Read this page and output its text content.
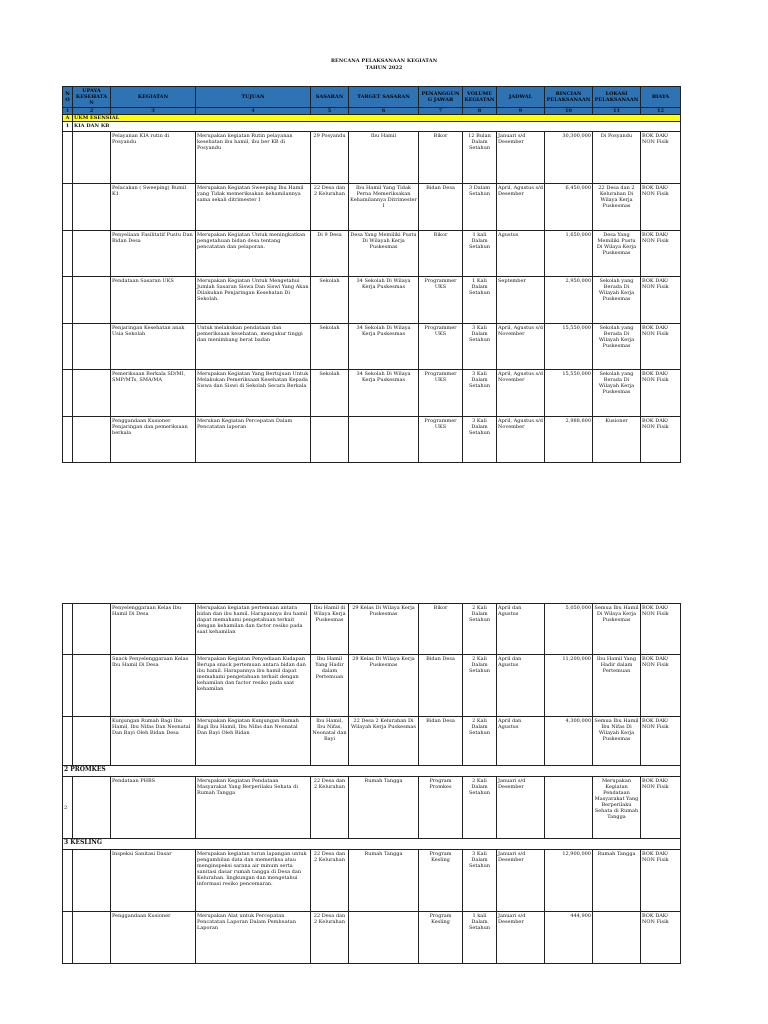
RENCANA PELAKSANAAN KEGIATAN
TAHUN 2022
NO	UPAYA KESEHATAN	KEGIATAN	TUJUAN	SASARAN	TARGET SASARAN	PENANGGUNG JAWAB	VOLUME KEGIATAN	JADWAL	RINCIAN PELAKSANAAN	LOKASI PELAKSANAAN	BIAYA
1	2	3	4	5	6	7	8	9	10	11	12
A	UKM ESENSIAL										
1	KIA DAN KB										
		Pelayanan KIA rutin di Posyandu	Merupakan kegiatan Rutin pelayanan kesehatan ibu hamil, ibu ber KB di Posyandu	29 Posyandu	Ibu Hamil	Bikor	12 Bulan Dalam Setahun	Januari s/d Desember	30,300,000	Di Posyandu	BOK DAK/ NON Fisik
		Pelacakan ( Sweeping) Bumil K1	Merupakan Kegiatan Sweeping Ibu Hamil yang Tidak memeriksakan kehamilannya sama sekali ditrimester I	22 Desa dan 2 Kelurahan	Ibu Hamil Yang Tidak Perna Memeriksakan Kehamilannya Ditrimester I	Bidan Desa	3 Dalam Setahun	April, Agustus s/d Desember	6,450,000	22 Desa dan 2 Kelurahan Di Wilaya Kerja Puskesmas	BOK DAK/ NON Fisik
		Penyeliaan Fasilitatif Pustu Dan Bidan Desa	Merupakan Kegiatan Untuk meningkatkan pengetahuan bidan desa tentang pencatatan dan pelaporan.	Di 9 Desa	Desa Yang Memiliki Pustu Di Wilayah Kerja Puskesmas	Bikor	1 kali Dalam Setahun	Agustus	1,650,000	Desa Yang Memiliki Pustu Di Wilaya Kerja Puskesmas	BOK DAK/ NON Fisik
		Pendataan Sasaran UKS	Merupakan Kegiatan Untuk Mengetahui Jumlah Sasaran Siswa Dan Siswi Yang Akan Dilakukan Penjaringan Kesehatan Di Sekolah.	Sekolah	34 Sekolah Di Wilaya Kerja Puskesmas	Programmer UKS	1 Kali Dalam Setahun	September	2,950,000	Sekolah yang Berada Di Wilayah Kerja Puskesmas	BOK DAK/ NON Fisik
		Penjaringan Kesehatan anak Usia Sekolah	Untuk melakukan pendataan dan pemeriksaan kesehatan, mengukur tinggi dan menimbang berat badan	Sekolah	34 Sekolah Di Wilaya Kerja Puskesmas	Programmer UKS	3 Kali Dalam Setahun	April, Agustus s/d November	15,550,000	Sekolah yang Berada Di Wilayah Kerja Puskesmas	BOK DAK/ NON Fisik
		Pemeriksaan Berkala SD/MI, SMP/MTs, SMA/MA	Merupakan Kegiatan Yang Bertujuan Untuk Melakukan Pemeriksaan Kesehatan Kepada Siswa dan Siswi di Sekolah Secara Berkala	Sekolah	34 Sekolah Di Wilaya Kerja Puskesmas	Programmer UKS	3 Kali Dalam Setahun	April, Agustus s/d November	15,550,000	Sekolah yang Berada Di Wilayah Kerja Puskesmas	BOK DAK/ NON Fisik
		Penggandaan Kusioner Penjaringan dan pemeriksaan berkala	Merukan Kegiatan Percepatan Dalam Pencatatan laporan			Programmer UKS	3 Kali Dalam Setahun	April, Agustus s/d November	2,988,600	Kusioner	BOK DAK/ NON Fisik
		Penyelenggaraan Kelas Ibu Hamil Di Desa	Merupakan kegiatan pertemuan antara bidan dan ibu hamil. Harapannya ibu hamil dapat memahami pengetahuan terkait dengan kehamilan dan factor resiko pada saat kehamilan	Ibu Hamil di Wilaya Kerja Puskesmas	29 Kelas Di Wilaya Kerja Puskesmas	Bikor	2 Kali Dalam Setahun	April dan Agustus	5,050,000	Semua Ibu Hamil Di Wilaya Kerja Puskesmas	BOK DAK/ NON Fisik
		Snack Penyelenggaraan Kelas Ibu Hamil Di Desa	Merupakan Kegiatan Penyediaan Kudapan Berupa snack pertemuan antara bidan dan ibu hamil. Harapannya ibu hamil dapat memahami pengetahuan terkait dengan kehamilan dan factor resiko pada saat kehamilan	Ibu Hamil Yang Hadir dalam Pertemuan	29 Kelas Di Wilaya Kerja Puskesmas	Bidan Desa	2 Kali Dalam Setahun	April dan Agustus	11,200,000	Ibu Hamil Yang Hadir dalam Pertemuan	BOK DAK/ NON Fisik
		Kunjungan Rumah Bagi Ibu Hamil, Ibu Nifas Dan Neonatal Dan Bayi Oleh Bidan Desa	Merupakan Kegiatan Kunjungan Rumah Bagi Ibu Hamil, Ibu Nifas dan Neonatal Dan Bayi Oleh Bidan	Ibu Hamil, Ibu Nifas, Neonatal dan Bayi	22 Desa 2 Kelurahan Di Wilayah Kerja Puskesmas	Bidan Desa	2 Kali Dalam Setahun	April dan Agustus	4,300,000	Semua Ibu Hamil Ibu Nifas Di Wilayah Kerja Puskesmas	BOK DAK/ NON Fisik
2 PROMKES											
2		Pendataan PHBS	Merupakan Kegiatan Pendataan Masyarakat Yang Berperilaku Sehata di Rumah Tangga	22 Desa dan 2 Kelurahan	Rumah Tangga	Program Promkes	2 Kali Dalam Setahun	Januari s/d Desember		Merupakan Kegiatan Pendataan Masyarakat Yang Berperilaku Sehata di Rumah Tangga	BOK DAK/ NON Fisik
3 KESLING											
		Inspeksi Sanitasi Dasar	Merupakan kegiatan turun lapangan untuk pengambilan data dan memeriksa atau menginspeksi sarana air minum serta sanitasi dasar rumah tangga di Desa dan Kelurahan. lingkungan dan mengetahui informasi resiko pencemaran.	22 Desa dan 2 Kelurahan	Rumah Tangga	Program Kesling	3 Kali Dalam Setahun	Januari s/d Desember	12,900,000	Rumah Tangga	BOK DAK/ NON Fisik
		Penggandaan Kusioner	Merupakan Alat untuk Percepatan Pencatatan Laporan Dalam Pembuatan Laporan	22 Desa dan 2 Kelurahan		Program Kesling	1 kali Dalam Setahun	Januari s/d Desember	444,900		BOK DAK/ NON Fisik
